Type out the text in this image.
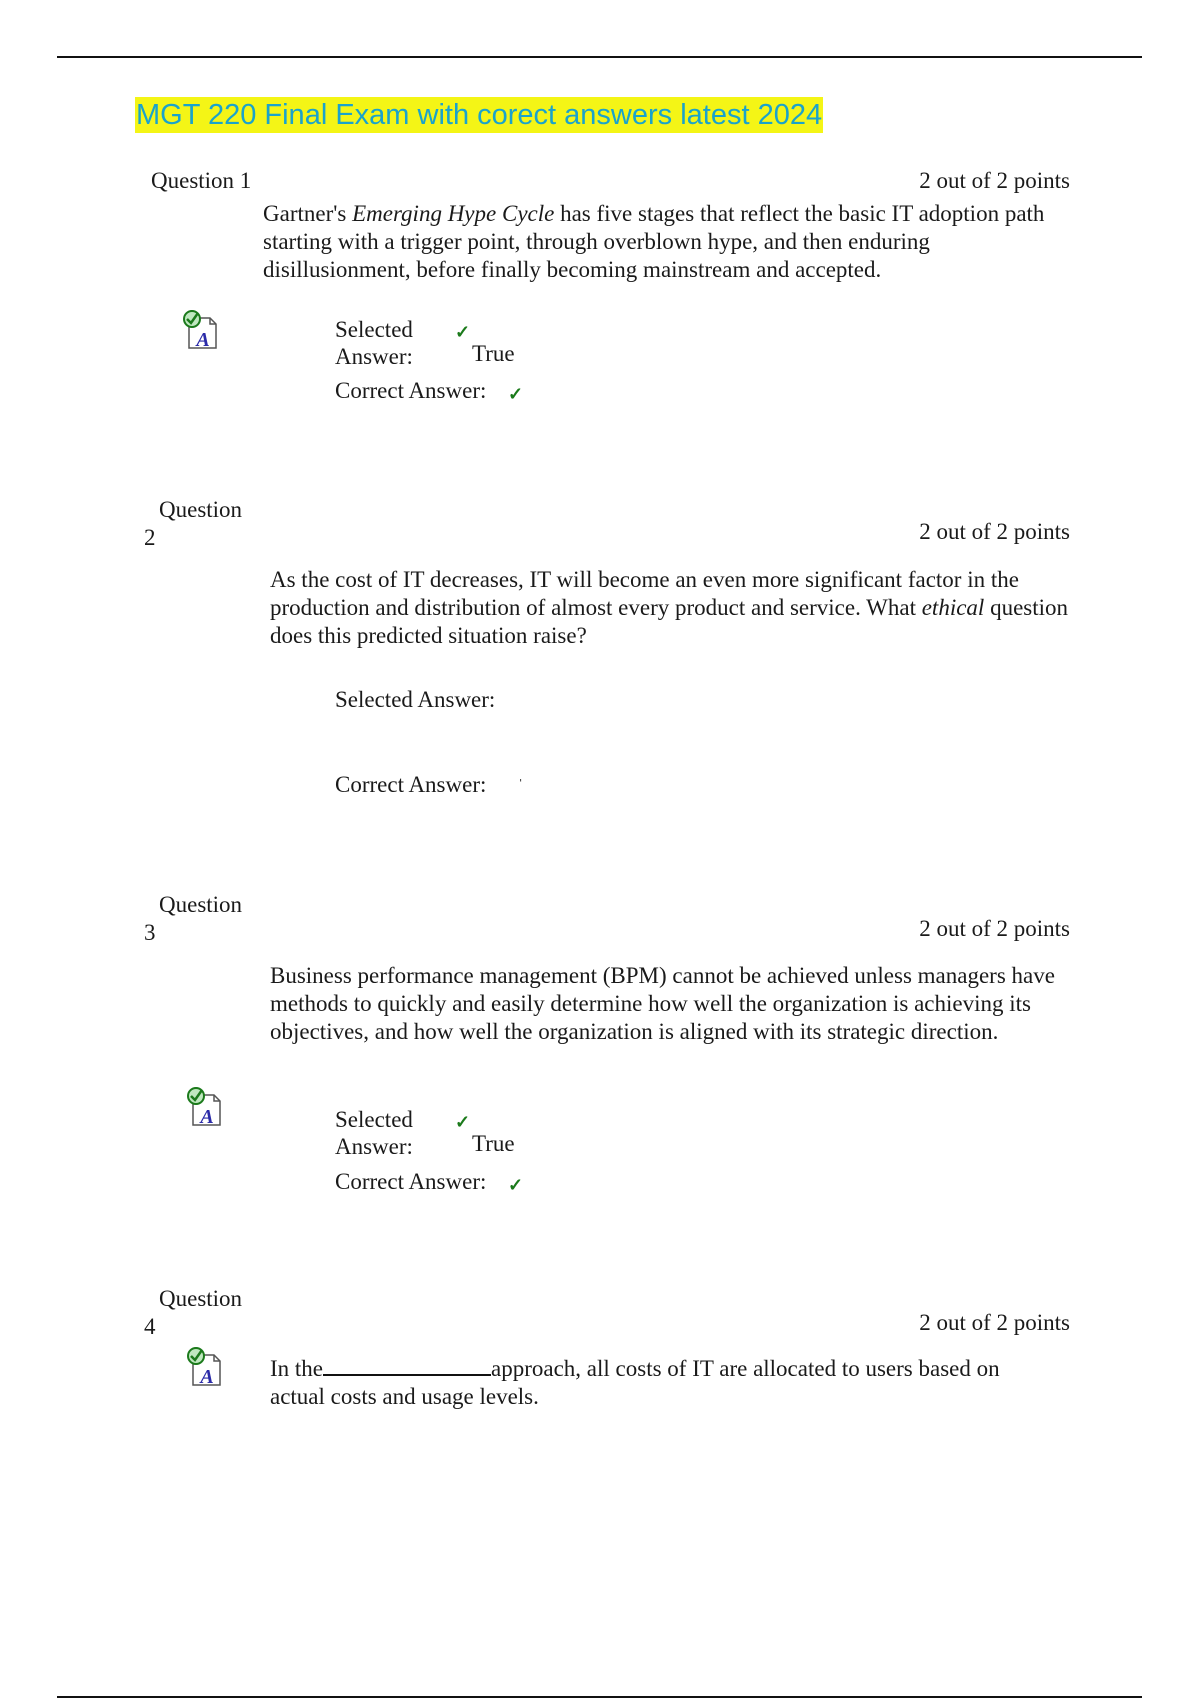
MGT 220 Final Exam with corect answers latest 2024
Question 1	2 out of 2 points
Gartner's Emerging Hype Cycle has five stages that reflect the basic IT adoption path starting with a trigger point, through overblown hype, and then enduring disillusionment, before finally becoming mainstream and accepted.
A	Selected ✓
Answer:	True
Correct Answer: ✓
Question
2	2 out of 2 points
As the cost of IT decreases, IT will become an even more significant factor in the production and distribution of almost every product and service. What ethical question does this predicted situation raise?
Selected Answer:
Correct Answer: ˈ
Question
3	2 out of 2 points
Business performance management (BPM) cannot be achieved unless managers have methods to quickly and easily determine how well the organization is achieving its objectives, and how well the organization is aligned with its strategic direction.
A	Selected ✓
Answer:	True
Correct Answer: ✓
Question
4	2 out of 2 points
A In the	approach, all costs of IT are allocated to users based on actual costs and usage levels.
